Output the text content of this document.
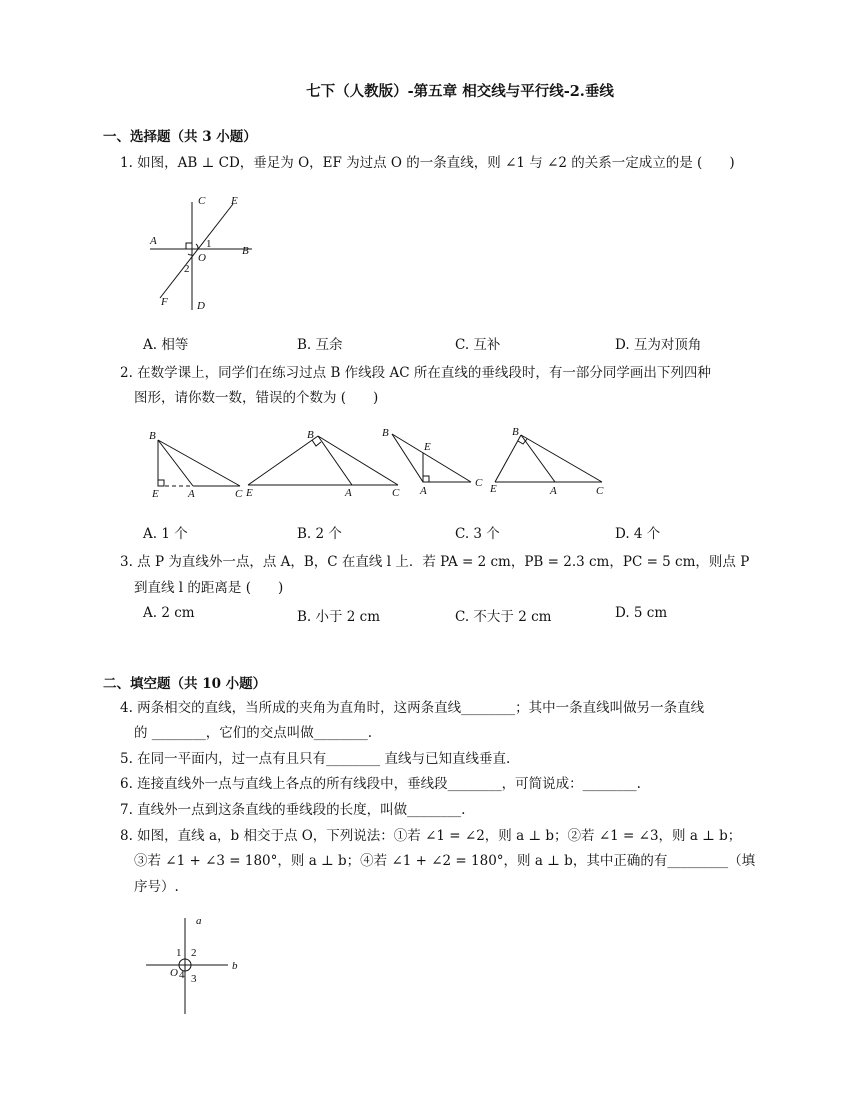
七下（人教版）-第五章 相交线与平行线-2.垂线
一、选择题（共 3 小题）
1. 如图，AB ⊥ CD，垂足为 O，EF 为过点 O 的一条直线，则 ∠1 与 ∠2 的关系一定成立的是 (　　)
C E
A
B
O
1
2
F	D
A. 相等	B. 互余	C. 互补	D. 互为对顶角
2. 在数学课上，同学们在练习过点 B 作线段 AC 所在直线的垂线段时，有一部分同学画出下列四种
图形，请你数一数，错误的个数为 (　　)
B
E	A	C
B
E	A	C
B
E
A
C
B
E	A	C
A. 1 个	B. 2 个	C. 3 个	D. 4 个
3. 点 P 为直线外一点，点 A，B，C 在直线 l 上．若 PA = 2 cm，PB = 2.3 cm，PC = 5 cm，则点 P
到直线 l 的距离是 (　　)
A. 2 cm	B. 小于 2 cm	C. 不大于 2 cm	D. 5 cm
二、填空题（共 10 小题）
4. 两条相交的直线，当所成的夹角为直角时，这两条直线________；其中一条直线叫做另一条直线
的 ________，它们的交点叫做________.
5. 在同一平面内，过一点有且只有________ 直线与已知直线垂直.
6. 连接直线外一点与直线上各点的所有线段中，垂线段________，可简说成：________.
7. 直线外一点到这条直线的垂线段的长度，叫做________.
8. 如图，直线 a，b 相交于点 O，下列说法：①若 ∠1 = ∠2，则 a ⊥ b；②若 ∠1 = ∠3，则 a ⊥ b；
③若 ∠1 + ∠3 = 180°，则 a ⊥ b；④若 ∠1 + ∠2 = 180°，则 a ⊥ b，其中正确的有_________（填
序号）.
a
b
1 2
3
O 4
